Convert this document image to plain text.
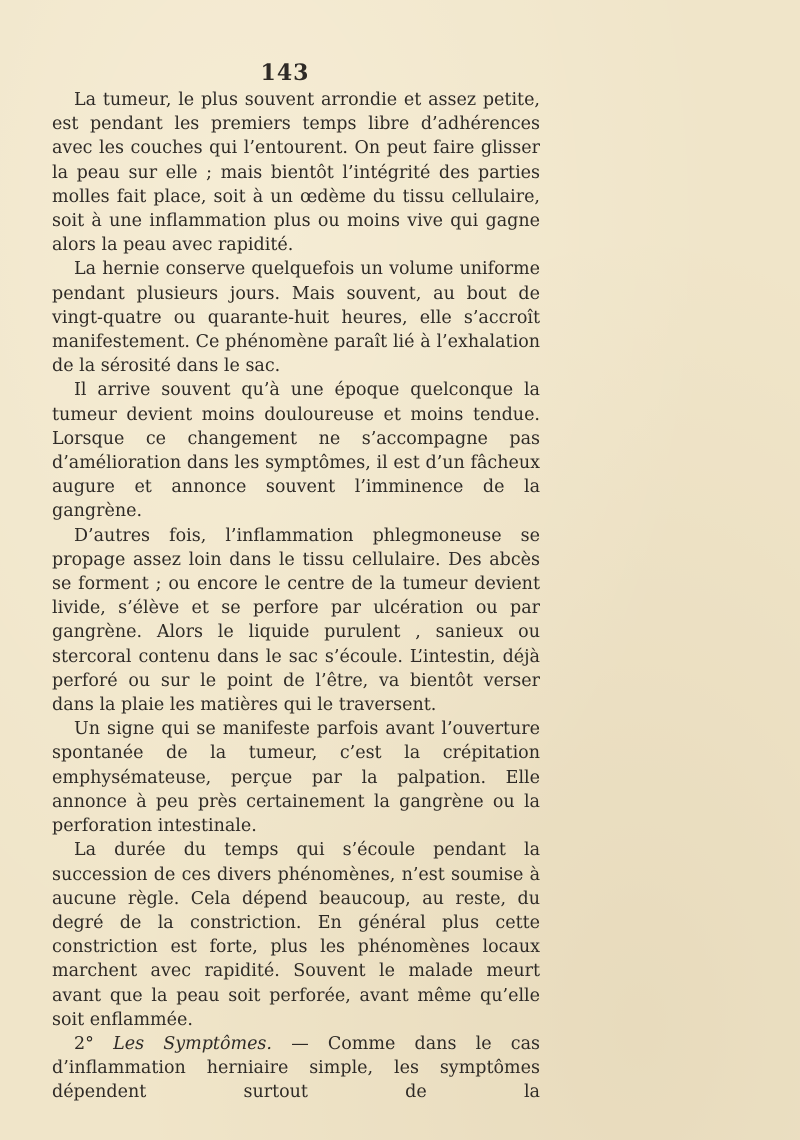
143

La tumeur, le plus souvent arrondie et assez petite, est pendant les premiers temps libre d’adhérences avec les couches qui l’entourent. On peut faire glisser la peau sur elle ; mais bientôt l’intégrité des parties molles fait place, soit à un œdème du tissu cellulaire, soit à une inflammation plus ou moins vive qui gagne alors la peau avec rapidité.

La hernie conserve quelquefois un volume uniforme pendant plusieurs jours. Mais souvent, au bout de vingt-quatre ou quarante-huit heures, elle s’accroît manifestement. Ce phénomène paraît lié à l’exhalation de la sérosité dans le sac.

Il arrive souvent qu’à une époque quelconque la tumeur devient moins douloureuse et moins tendue. Lorsque ce changement ne s’accompagne pas d’amélioration dans les symptômes, il est d’un fâcheux augure et annonce souvent l’imminence de la gangrène.

D’autres fois, l’inflammation phlegmoneuse se propage assez loin dans le tissu cellulaire. Des abcès se forment ; ou encore le centre de la tumeur devient livide, s’élève et se perfore par ulcération ou par gangrène. Alors le liquide purulent , sanieux ou stercoral contenu dans le sac s’écoule. L’intestin, déjà perforé ou sur le point de l’être, va bientôt verser dans la plaie les matières qui le traversent.

Un signe qui se manifeste parfois avant l’ouverture spontanée de la tumeur, c’est la crépitation emphysémateuse, perçue par la palpation. Elle annonce à peu près certainement la gangrène ou la perforation intestinale.

La durée du temps qui s’écoule pendant la succession de ces divers phénomènes, n’est soumise à aucune règle. Cela dépend beaucoup, au reste, du degré de la constriction. En général plus cette constriction est forte, plus les phénomènes locaux marchent avec rapidité. Souvent le malade meurt avant que la peau soit perforée, avant même qu’elle soit enflammée.

2° Les Symptômes. — Comme dans le cas d’inflammation herniaire simple, les symptômes dépendent surtout de la
